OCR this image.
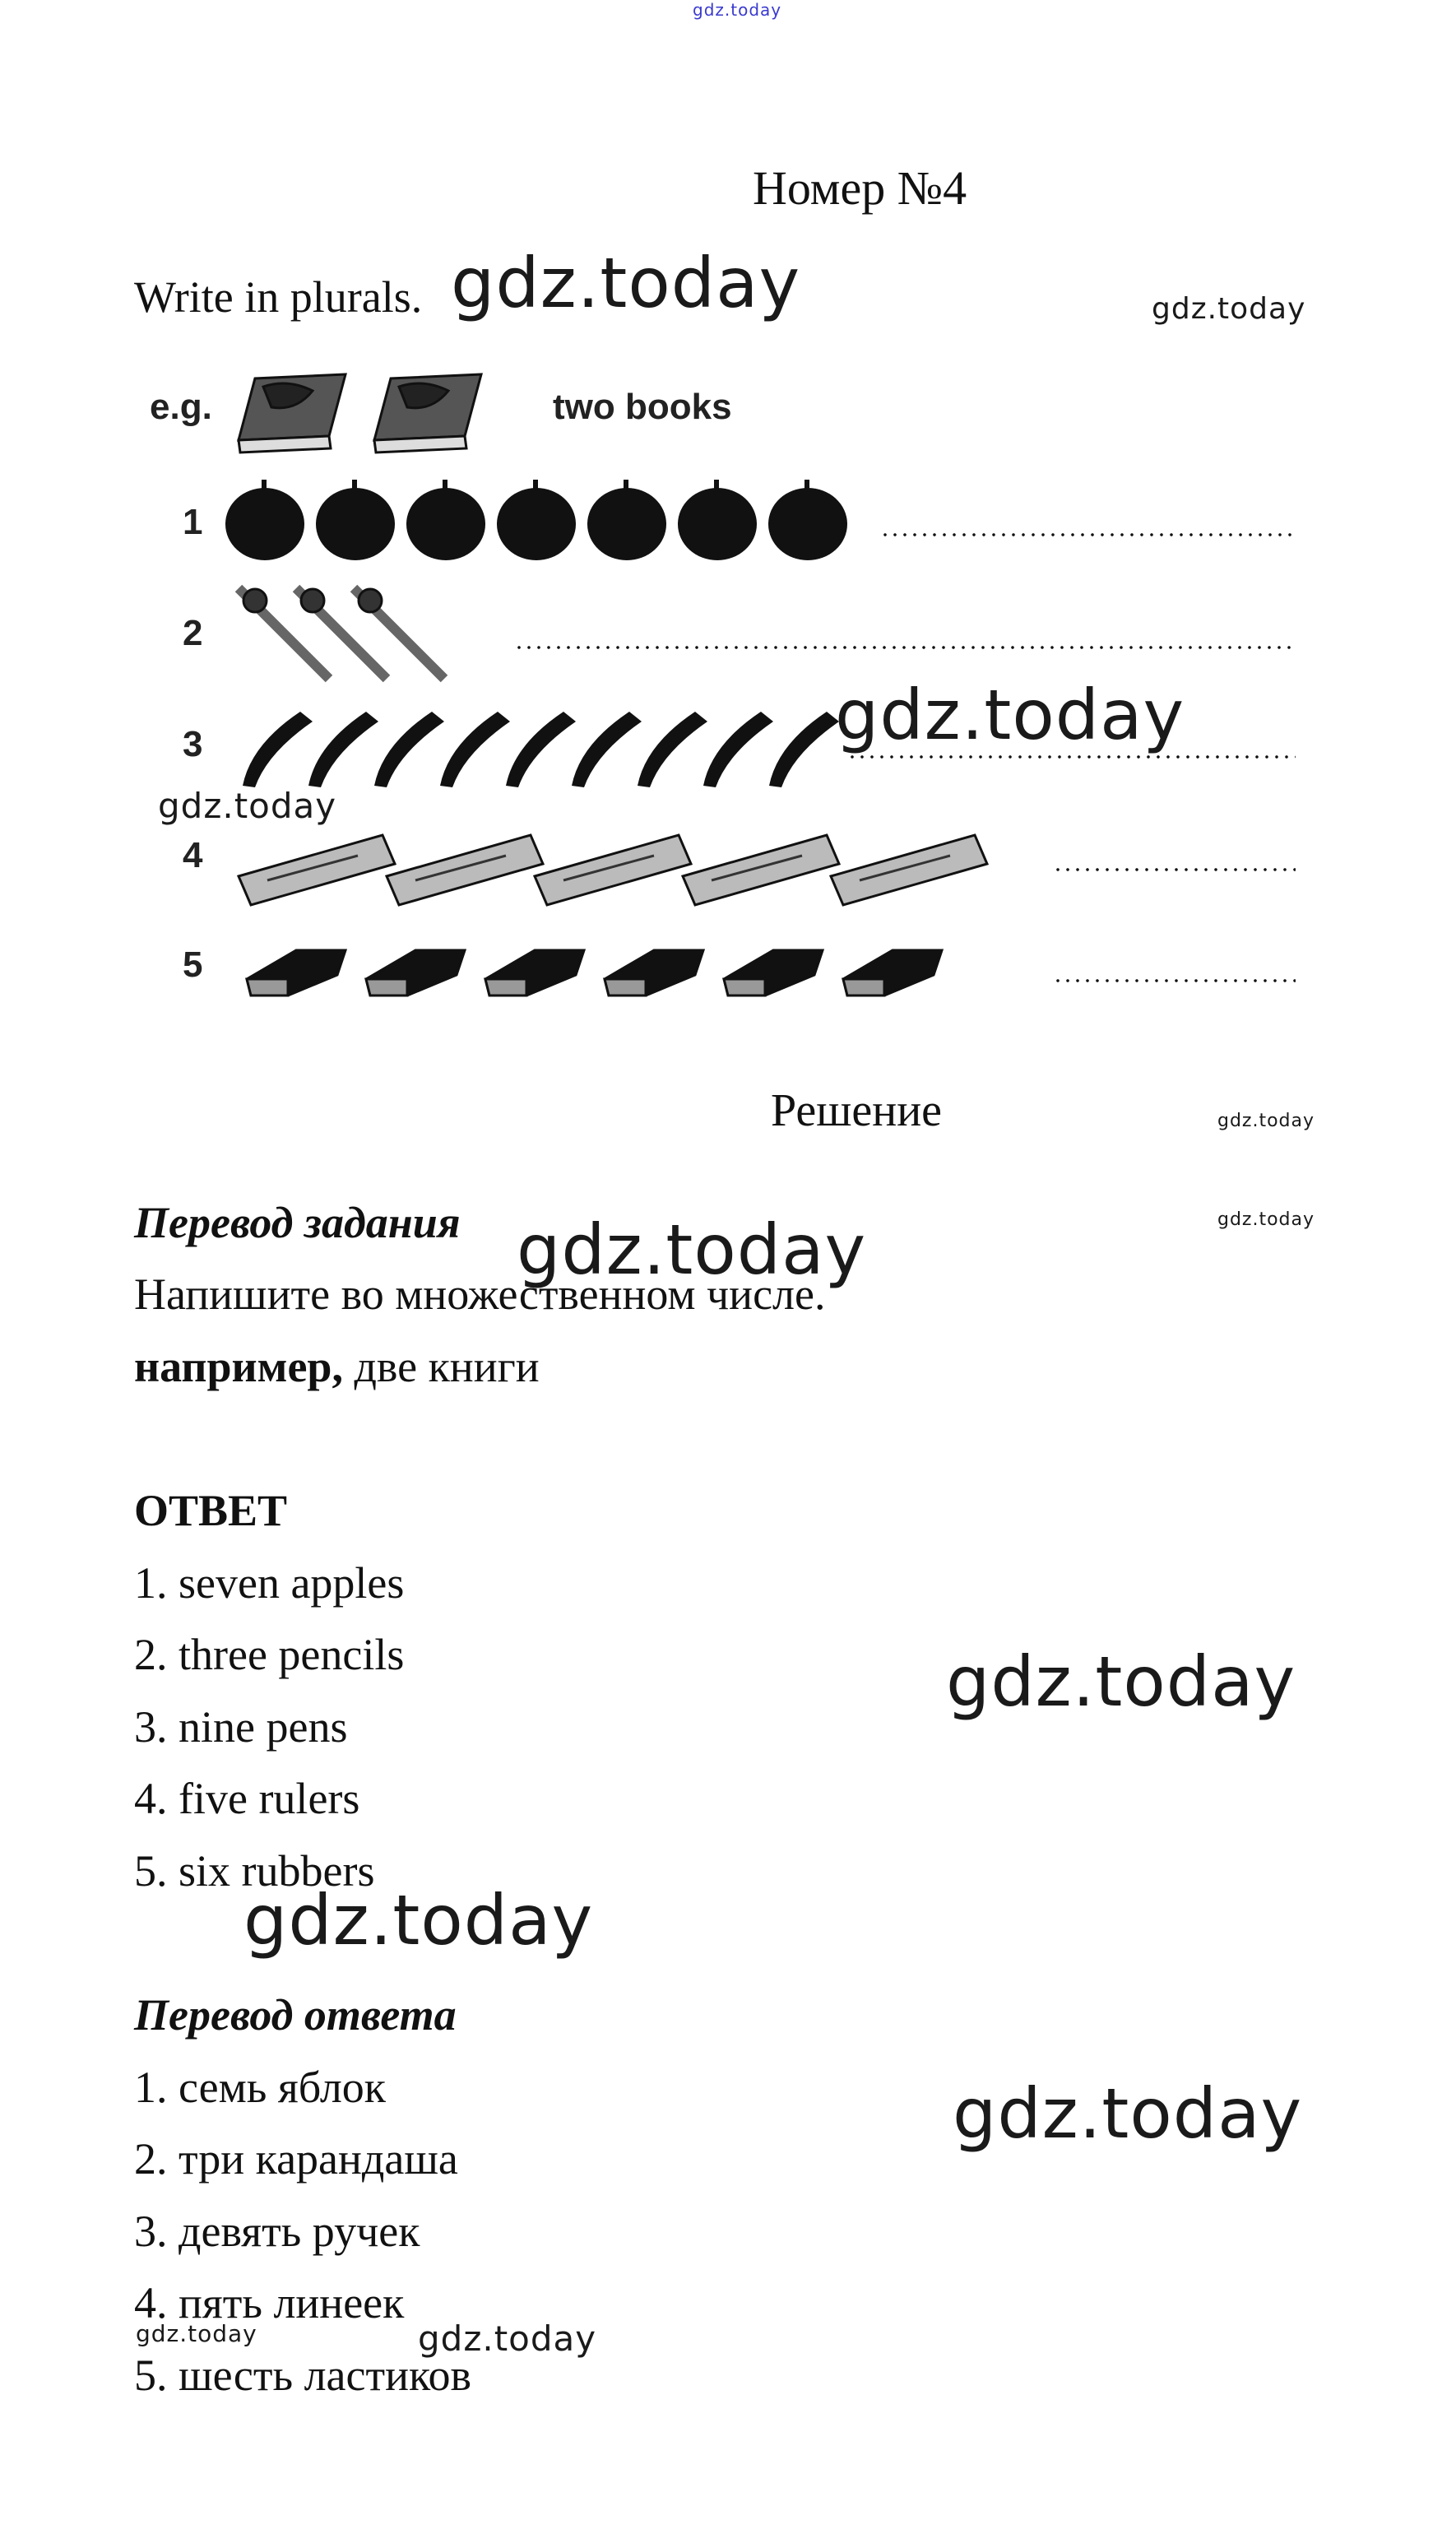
gdz.today
gdz.today	gdz.today
gdz.today
gdz.today
gdz.today
gdz.today
gdz.today
gdz.today
gdz.today
gdz.today
gdz.today	gdz.today
Номер №4
Write in plurals.
e.g.	two books
1
2
3
4
5
Решение
Перевод задания
Напишите во множественном числе.
например, две книги
ОТВЕТ
1. seven apples
2. three pencils
3. nine pens
4. five rulers
5. six rubbers
Перевод ответа
1. семь яблок
2. три карандаша
3. девять ручек
4. пять линеек
5. шесть ластиков
